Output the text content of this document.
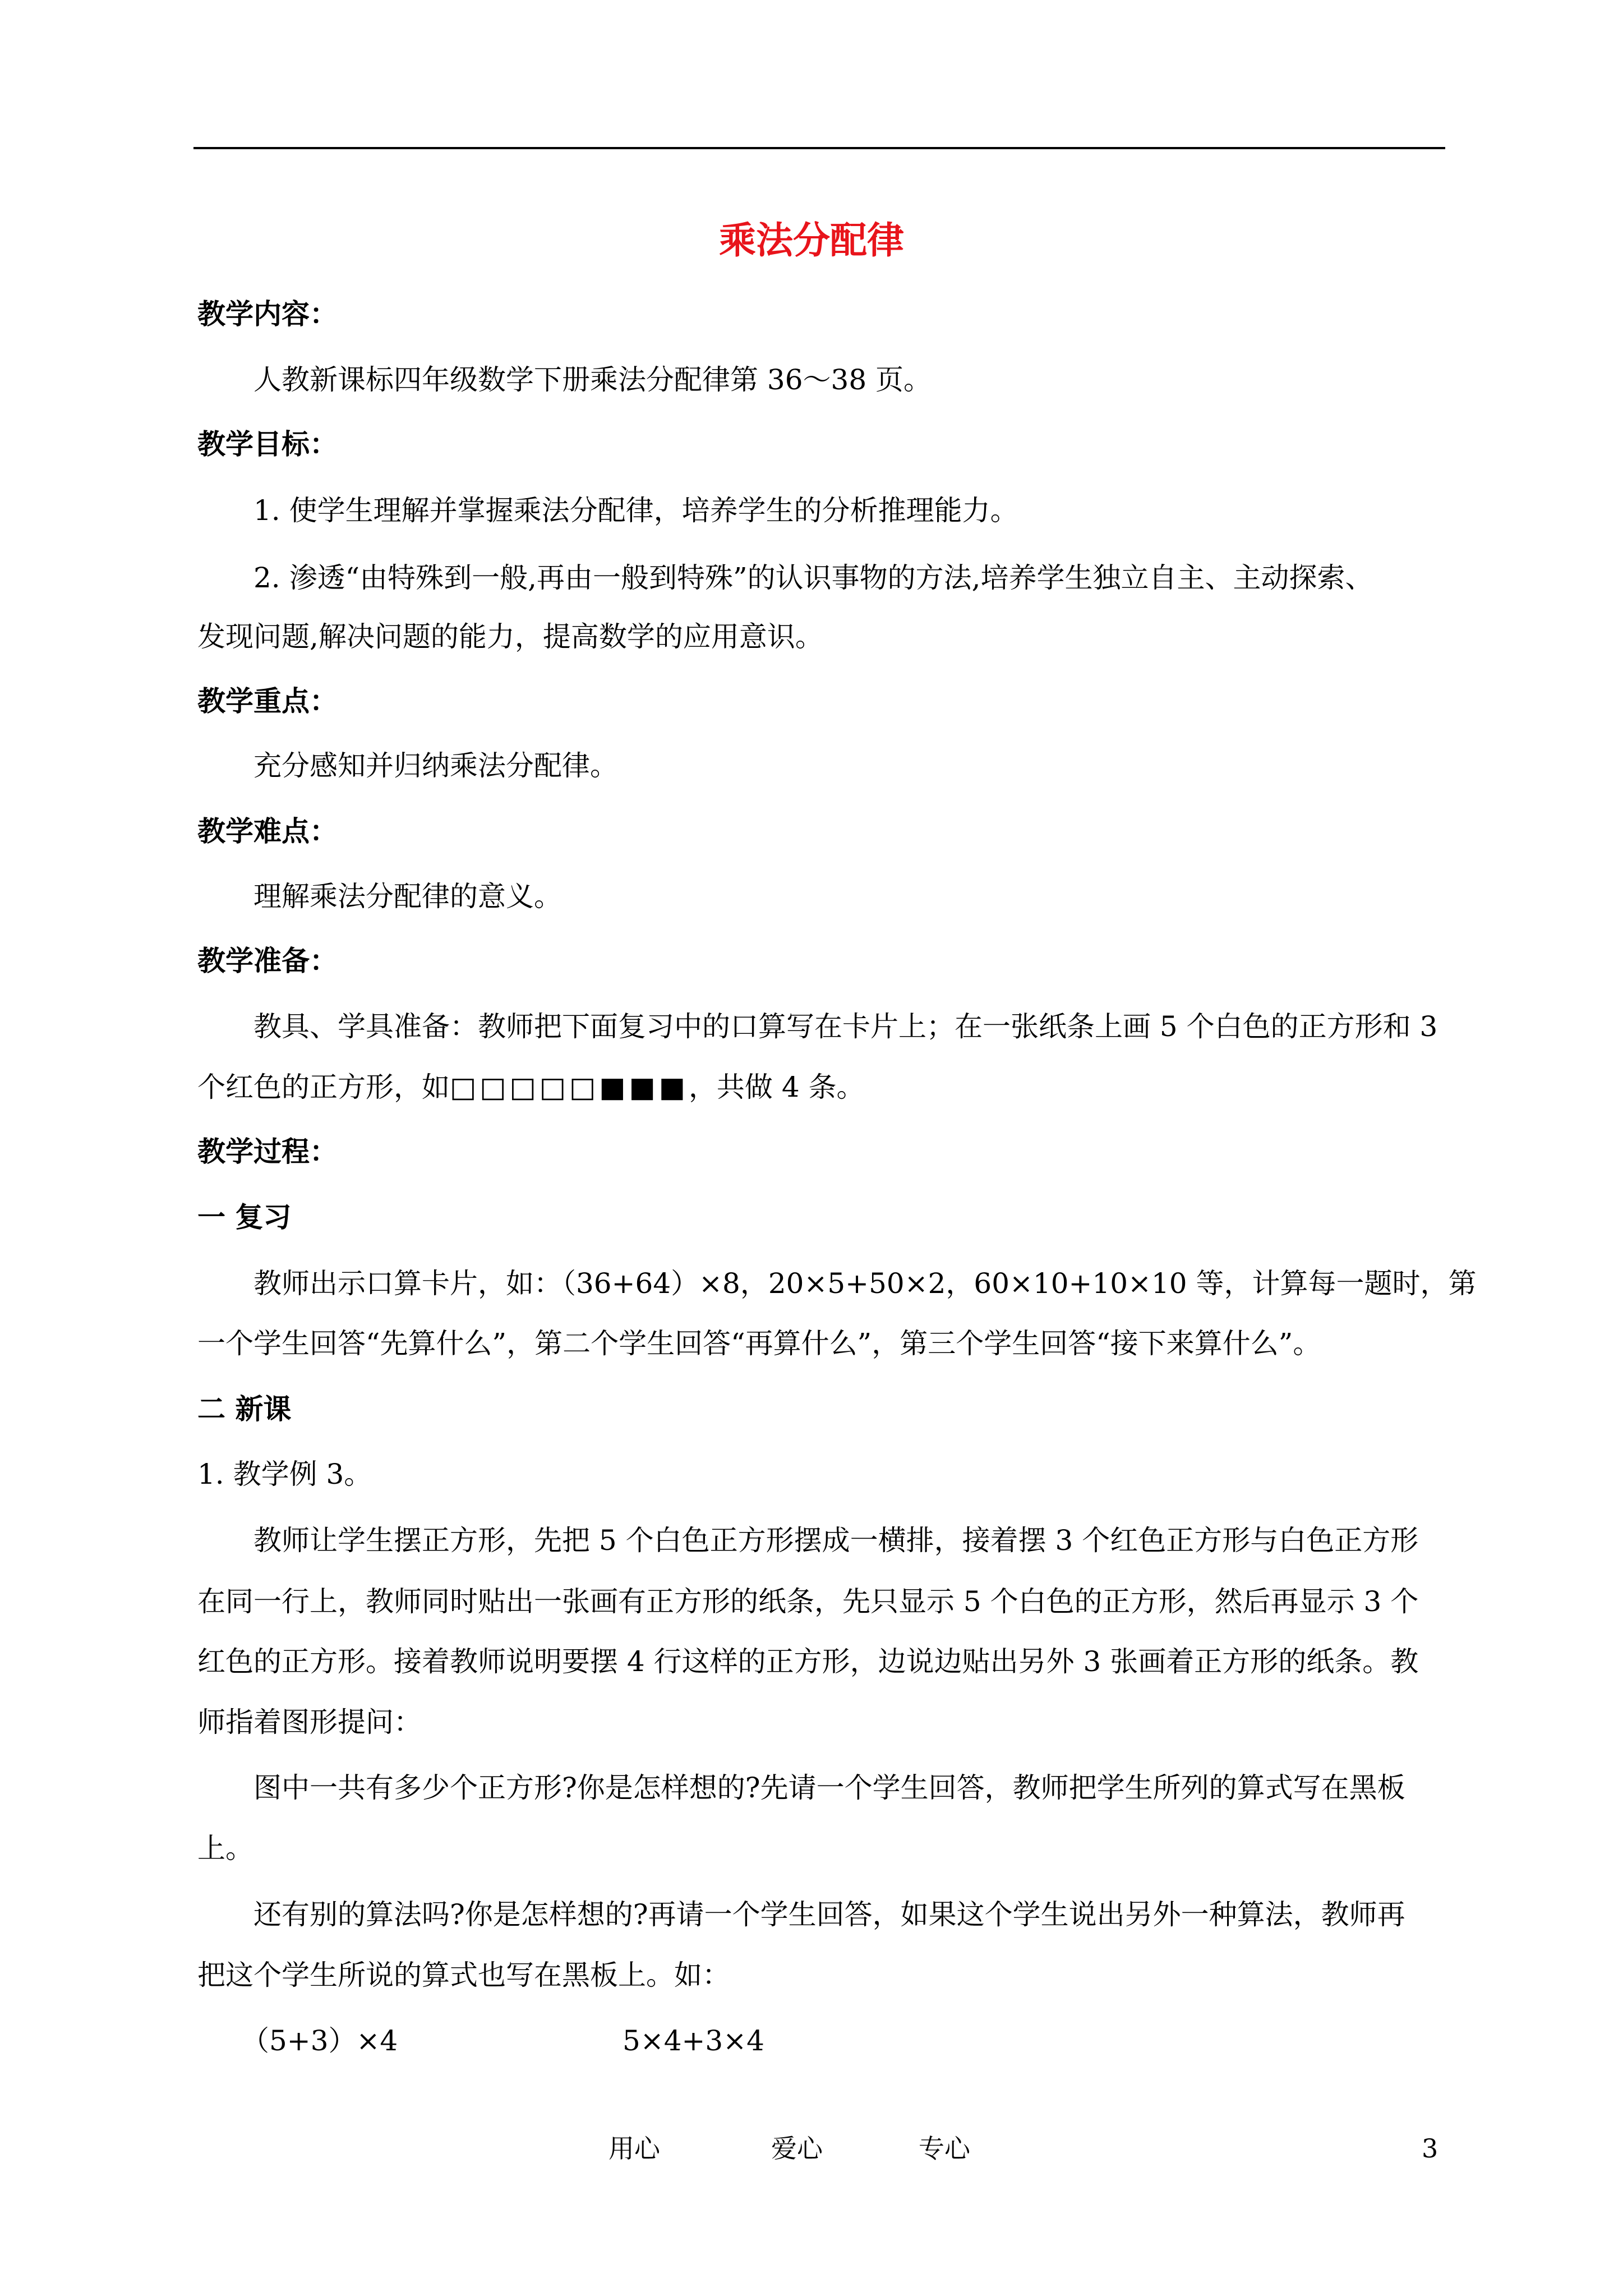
乘法分配律
教学内容：
人教新课标四年级数学下册乘法分配律第 36～38 页。
教学目标：
1. 使学生理解并掌握乘法分配律，培养学生的分析推理能力。
2. 渗透“由特殊到一般,再由一般到特殊”的认识事物的方法,培养学生独立自主、主动探索、
发现问题,解决问题的能力，提高数学的应用意识。
教学重点：
充分感知并归纳乘法分配律。
教学难点：
理解乘法分配律的意义。
教学准备：
教具、学具准备：教师把下面复习中的口算写在卡片上；在一张纸条上画 5 个白色的正方形和 3
个红色的正方形，如□□□□□■■■，共做 4 条。
教学过程：
一 复习
教师出示口算卡片，如：（36+64）×8，20×5+50×2，60×10+10×10 等，计算每一题时，第
一个学生回答“先算什么”，第二个学生回答“再算什么”，第三个学生回答“接下来算什么”。
二 新课
1. 教学例 3。
教师让学生摆正方形，先把 5 个白色正方形摆成一横排，接着摆 3 个红色正方形与白色正方形
在同一行上，教师同时贴出一张画有正方形的纸条，先只显示 5 个白色的正方形，然后再显示 3 个
红色的正方形。接着教师说明要摆 4 行这样的正方形，边说边贴出另外 3 张画着正方形的纸条。教
师指着图形提问：
图中一共有多少个正方形?你是怎样想的?先请一个学生回答，教师把学生所列的算式写在黑板
上。
还有别的算法吗?你是怎样想的?再请一个学生回答，如果这个学生说出另外一种算法，教师再
把这个学生所说的算式也写在黑板上。如：
（5+3）×4	5×4+3×4
用心	爱心	专心	3
